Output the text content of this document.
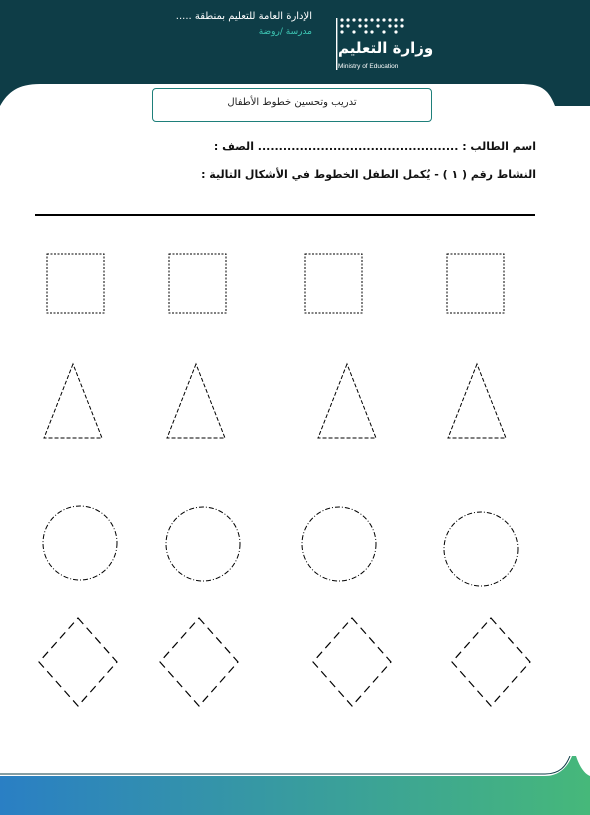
الإدارة العامة للتعليم بمنطقة .....
مدرسة /روضة
وزارة التعليم
Ministry of Education
تدريب وتحسين خطوط الأطفال
اسم الطالب : ................................................ الصف :
النشاط رقم ( ١ ) - يُكمل الطفل الخطوط في الأشكال التالية :
